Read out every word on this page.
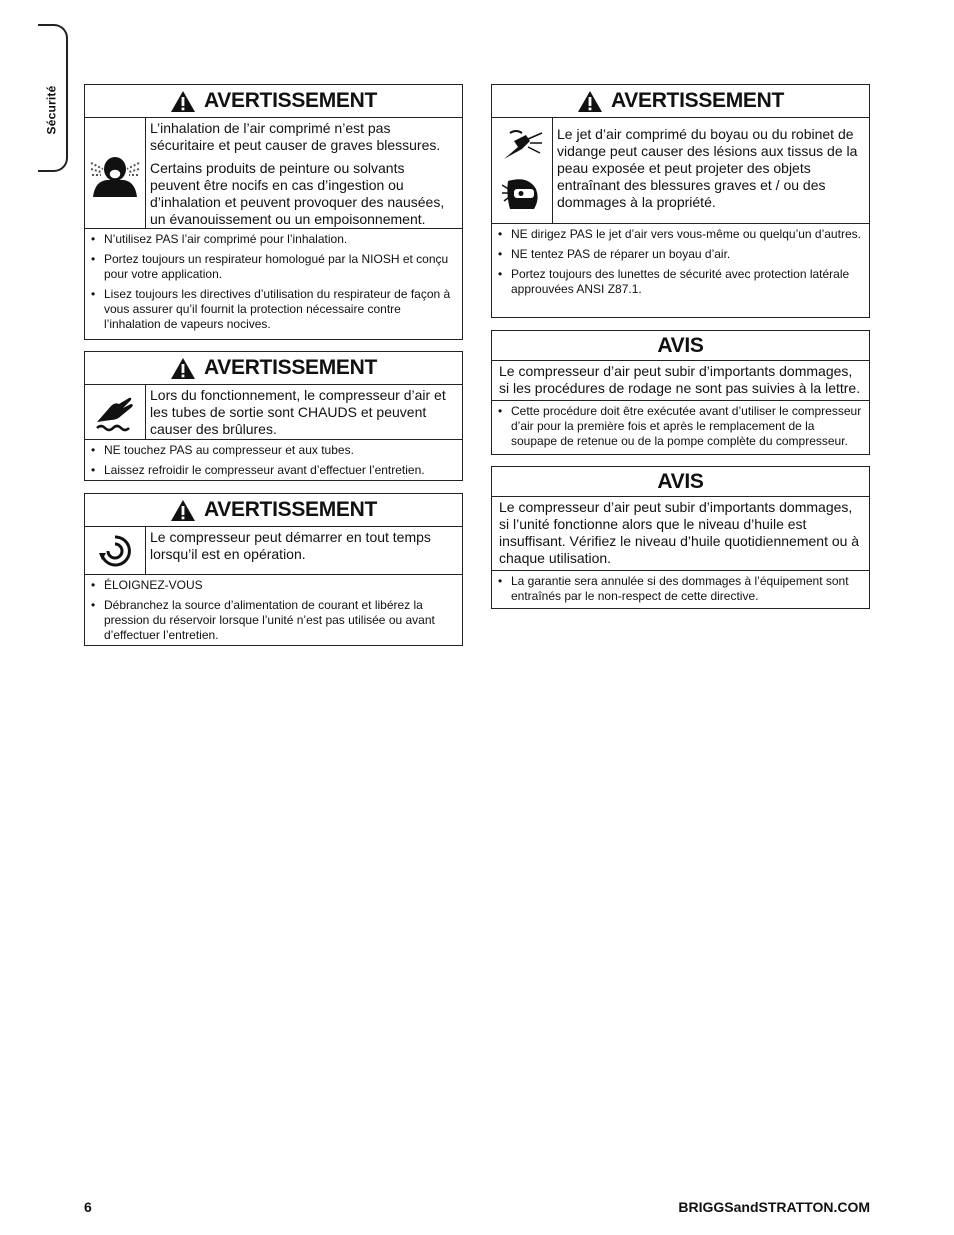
Sécurité	AVERTISSEMENT

L’inhalation de l’air comprimé n’est pas sécuritaire et peut causer de graves blessures.

Certains produits de peinture ou solvants peuvent être nocifs en cas d’ingestion ou d’inhalation et peuvent provoquer des nausées, un évanouissement ou un empoisonnement.

• N’utilisez PAS l’air comprimé pour l’inhalation.
• Portez toujours un respirateur homologué par la NIOSH et conçu pour votre application.
• Lisez toujours les directives d’utilisation du respirateur de façon à vous assurer qu’il fournit la protection nécessaire contre l’inhalation de vapeurs nocives.
AVERTISSEMENT

Lors du fonctionnement, le compresseur d’air et les tubes de sortie sont CHAUDS et peuvent causer des brûlures.

• NE touchez PAS au compresseur et aux tubes.
• Laissez refroidir le compresseur avant d’effectuer l’entretien.
AVERTISSEMENT

Le compresseur peut démarrer en tout temps lorsqu’il est en opération.

• ÉLOIGNEZ-VOUS
• Débranchez la source d’alimentation de courant et libérez la pression du réservoir lorsque l’unité n’est pas utilisée ou avant d’effectuer l’entretien.
AVERTISSEMENT

Le jet d’air comprimé du boyau ou du robinet de vidange peut causer des lésions aux tissus de la peau exposée et peut projeter des objets entraînant des blessures graves et / ou des dommages à la propriété.

• NE dirigez PAS le jet d’air vers vous-même ou quelqu’un d’autres.
• NE tentez PAS de réparer un boyau d’air.
• Portez toujours des lunettes de sécurité avec protection latérale approuvées ANSI Z87.1.
AVIS
Le compresseur d’air peut subir d’importants dommages, si les procédures de rodage ne sont pas suivies à la lettre.
• Cette procédure doit être exécutée avant d’utiliser le compresseur d’air pour la première fois et après le remplacement de la soupape de retenue ou de la pompe complète du compresseur.
AVIS
Le compresseur d’air peut subir d’importants dommages, si l’unité fonctionne alors que le niveau d’huile est insuffisant. Vérifiez le niveau d’huile quotidiennement ou à chaque utilisation.
• La garantie sera annulée si des dommages à l’équipement sont entraînés par le non-respect de cette directive.
6	BRIGGSandSTRATTON.COM
